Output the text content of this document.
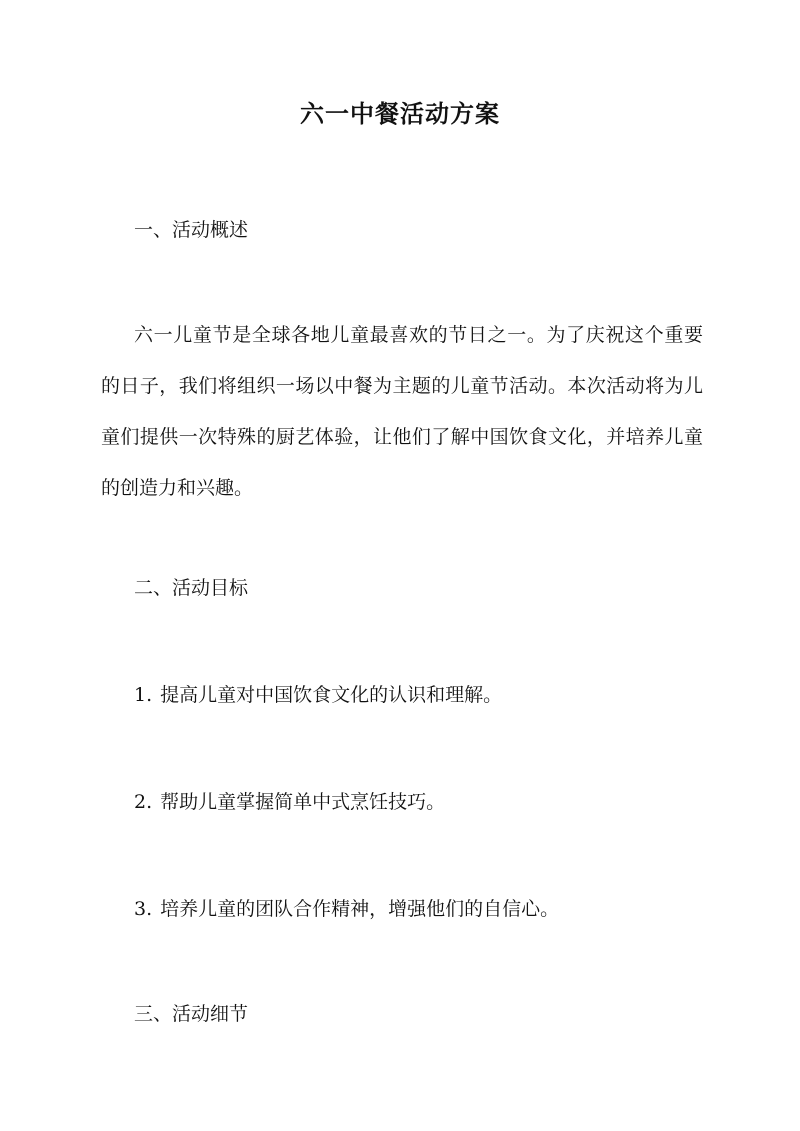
六一中餐活动方案
一、活动概述
六一儿童节是全球各地儿童最喜欢的节日之一。为了庆祝这个重要的日子，我们将组织一场以中餐为主题的儿童节活动。本次活动将为儿童们提供一次特殊的厨艺体验，让他们了解中国饮食文化，并培养儿童的创造力和兴趣。
二、活动目标
1. 提高儿童对中国饮食文化的认识和理解。
2. 帮助儿童掌握简单中式烹饪技巧。
3. 培养儿童的团队合作精神，增强他们的自信心。
三、活动细节
